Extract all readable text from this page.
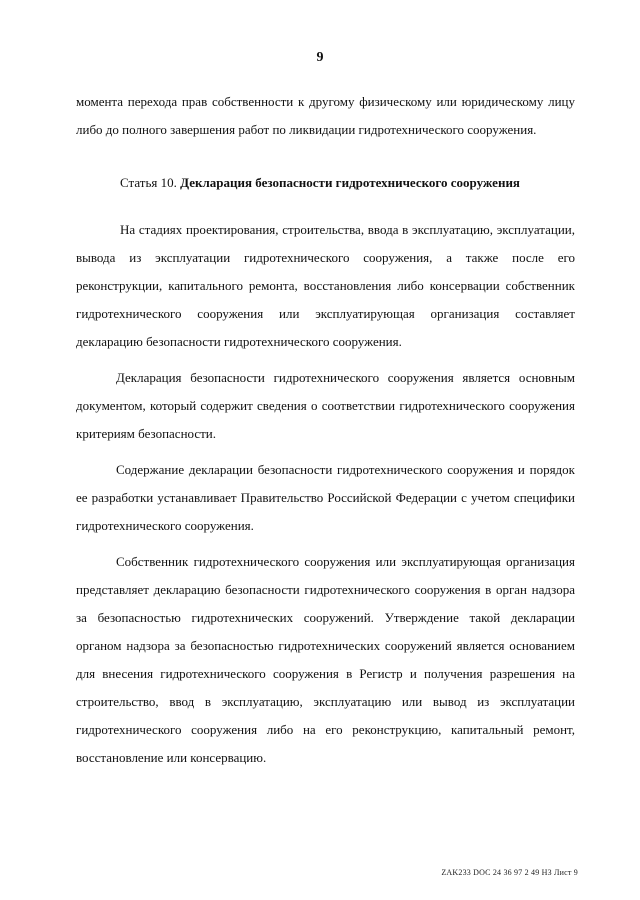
9
момента перехода прав собственности к другому физическому или юридическому лицу либо до полного завершения работ по ликвидации гидротехнического сооружения.
Статья 10. Декларация безопасности гидротехнического сооружения

На стадиях проектирования, строительства, ввода в эксплуатацию, эксплуатации, вывода из эксплуатации гидротехнического сооружения, а также после его реконструкции, капитального ремонта, восстановления либо консервации собственник гидротехнического сооружения или эксплуатирующая организация составляет декларацию безопасности гидротехнического сооружения.

Декларация безопасности гидротехнического сооружения является основным документом, который содержит сведения о соответствии гидротехнического сооружения критериям безопасности.

Содержание декларации безопасности гидротехнического сооружения и порядок ее разработки устанавливает Правительство Российской Федерации с учетом специфики гидротехнического сооружения.

Собственник гидротехнического сооружения или эксплуатирующая организация представляет декларацию безопасности гидротехнического сооружения в орган надзора за безопасностью гидротехнических сооружений. Утверждение такой декларации органом надзора за безопасностью гидротехнических сооружений является основанием для внесения гидротехнического сооружения в Регистр и получения разрешения на строительство, ввод в эксплуатацию, эксплуатацию или вывод из эксплуатации гидротехнического сооружения либо на его реконструкцию, капитальный ремонт, восстановление или консервацию.

ZAK233 DOC 24 36 97 2 49 НЗ Лист 9
